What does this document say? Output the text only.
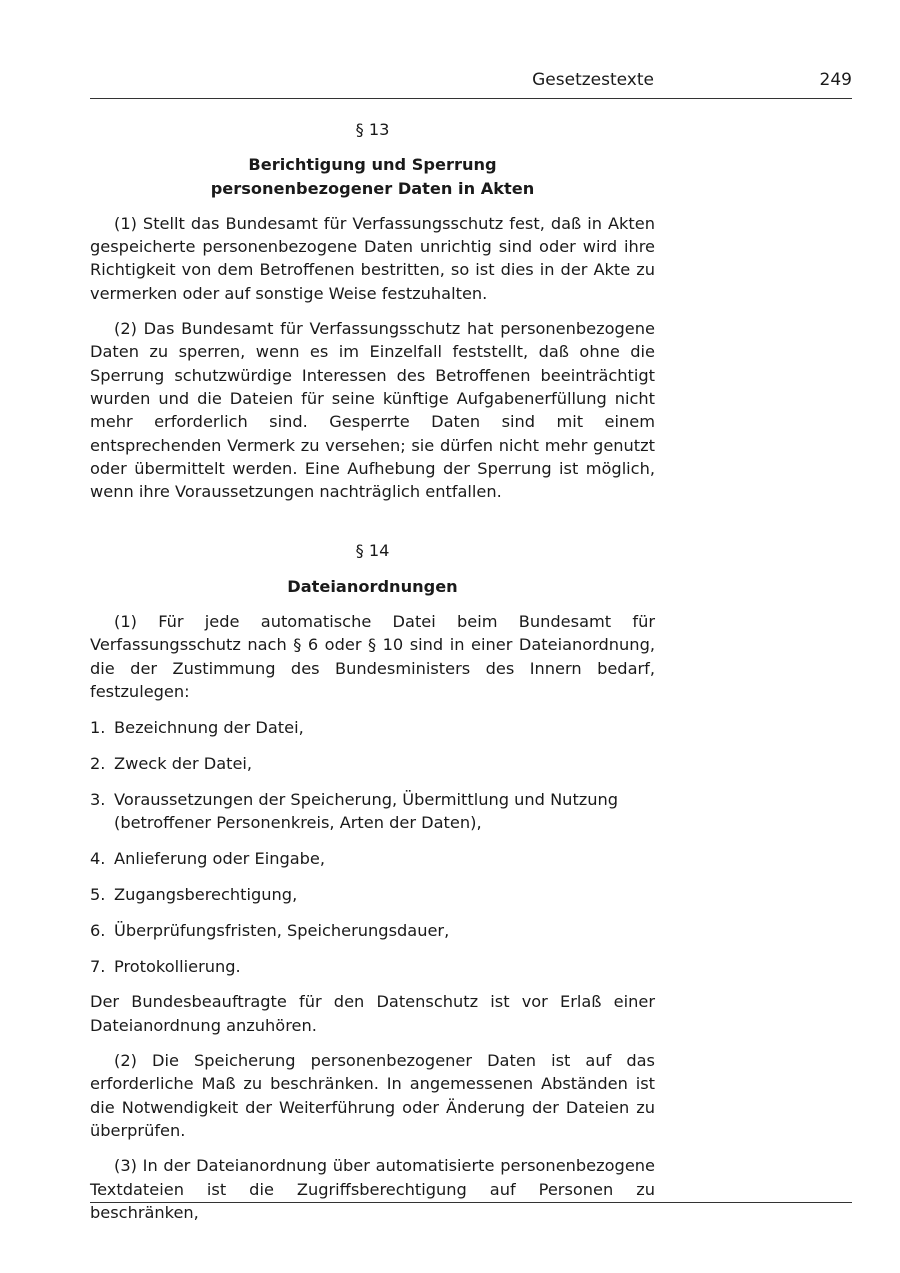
Gesetzestexte	249

§ 13

Berichtigung und Sperrung

personenbezogener Daten in Akten

(1) Stellt das Bundesamt für Verfassungsschutz fest, daß in Akten gespeicherte personenbezogene Daten unrichtig sind oder wird ihre Richtigkeit von dem Betroffenen bestritten, so ist dies in der Akte zu vermerken oder auf sonstige Weise festzuhalten.

(2) Das Bundesamt für Verfassungsschutz hat personenbezogene Daten zu sperren, wenn es im Einzelfall feststellt, daß ohne die Sperrung schutzwürdige Interessen des Betroffenen beeinträchtigt wurden und die Dateien für seine künftige Aufgabenerfüllung nicht mehr erforderlich sind. Gesperrte Daten sind mit einem entsprechenden Vermerk zu versehen; sie dürfen nicht mehr genutzt oder übermittelt werden. Eine Aufhebung der Sperrung ist möglich, wenn ihre Voraussetzungen nachträglich entfallen.

§ 14

Dateianordnungen

(1) Für jede automatische Datei beim Bundesamt für Verfassungsschutz nach § 6 oder § 10 sind in einer Dateianordnung, die der Zustimmung des Bundesministers des Innern bedarf, festzulegen:

1. Bezeichnung der Datei,
2. Zweck der Datei,
3. Voraussetzungen der Speicherung, Übermittlung und Nutzung (betroffener Personenkreis, Arten der Daten),
4. Anlieferung oder Eingabe,
5. Zugangsberechtigung,
6. Überprüfungsfristen, Speicherungsdauer,
7. Protokollierung.

Der Bundesbeauftragte für den Datenschutz ist vor Erlaß einer Dateianordnung anzuhören.

(2) Die Speicherung personenbezogener Daten ist auf das erforderliche Maß zu beschränken. In angemessenen Abständen ist die Notwendigkeit der Weiterführung oder Änderung der Dateien zu überprüfen.

(3) In der Dateianordnung über automatisierte personenbezogene Textdateien ist die Zugriffsberechtigung auf Personen zu beschränken,
